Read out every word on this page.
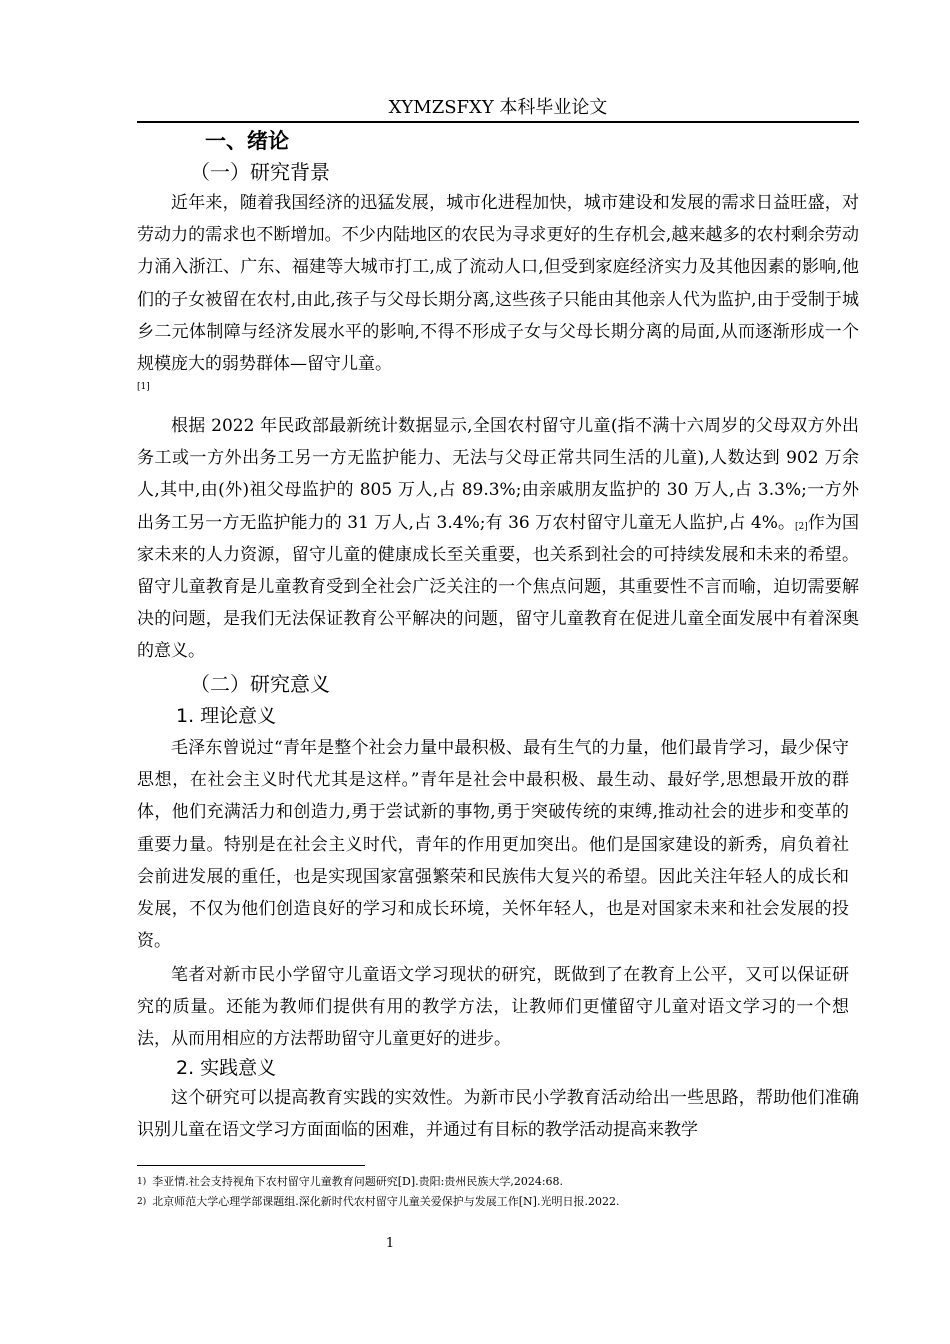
XYMZSFXY 本科毕业论文
一、绪论
（一）研究背景
近年来，随着我国经济的迅猛发展，城市化进程加快，城市建设和发展的需求日益旺盛，对劳动力的需求也不断增加。不少内陆地区的农民为寻求更好的生存机会,越来越多的农村剩余劳动力涌入浙江、广东、福建等大城市打工,成了流动人口,但受到家庭经济实力及其他因素的影响,他们的子女被留在农村,由此,孩子与父母长期分离,这些孩子只能由其他亲人代为监护,由于受制于城乡二元体制障与经济发展水平的影响,不得不形成子女与父母长期分离的局面,从而逐渐形成一个规模庞大的弱势群体—留守儿童。
[1]
根据 2022 年民政部最新统计数据显示,全国农村留守儿童(指不满十六周岁的父母双方外出务工或一方外出务工另一方无监护能力、无法与父母正常共同生活的儿童),人数达到 902 万余人,其中,由(外)祖父母监护的 805 万人,占 89.3%;由亲戚朋友监护的 30 万人,占 3.3%;一方外出务工另一方无监护能力的 31 万人,占 3.4%;有 36 万农村留守儿童无人监护,占 4%。[2]作为国家未来的人力资源，留守儿童的健康成长至关重要，也关系到社会的可持续发展和未来的希望。留守儿童教育是儿童教育受到全社会广泛关注的一个焦点问题，其重要性不言而喻，迫切需要解决的问题，是我们无法保证教育公平解决的问题，留守儿童教育在促进儿童全面发展中有着深奥的意义。
（二）研究意义
1. 理论意义
毛泽东曾说过“青年是整个社会力量中最积极、最有生气的力量，他们最肯学习，最少保守思想，在社会主义时代尤其是这样。”青年是社会中最积极、最生动、最好学,思想最开放的群体，他们充满活力和创造力,勇于尝试新的事物,勇于突破传统的束缚,推动社会的进步和变革的重要力量。特别是在社会主义时代，青年的作用更加突出。他们是国家建设的新秀，肩负着社会前进发展的重任，也是实现国家富强繁荣和民族伟大复兴的希望。因此关注年轻人的成长和发展，不仅为他们创造良好的学习和成长环境，关怀年轻人，也是对国家未来和社会发展的投资。
笔者对新市民小学留守儿童语文学习现状的研究，既做到了在教育上公平，又可以保证研究的质量。还能为教师们提供有用的教学方法，让教师们更懂留守儿童对语文学习的一个想法，从而用相应的方法帮助留守儿童更好的进步。
2. 实践意义
这个研究可以提高教育实践的实效性。为新市民小学教育活动给出一些思路，帮助他们准确识别儿童在语文学习方面面临的困难，并通过有目标的教学活动提高来教学
$^{1)}$ 李亚情.社会支持视角下农村留守儿童教育问题研究[D].贵阳:贵州民族大学,2024:68.
$^{2)}$ 北京师范大学心理学部课题组.深化新时代农村留守儿童关爱保护与发展工作[N].光明日报.2022.
1
